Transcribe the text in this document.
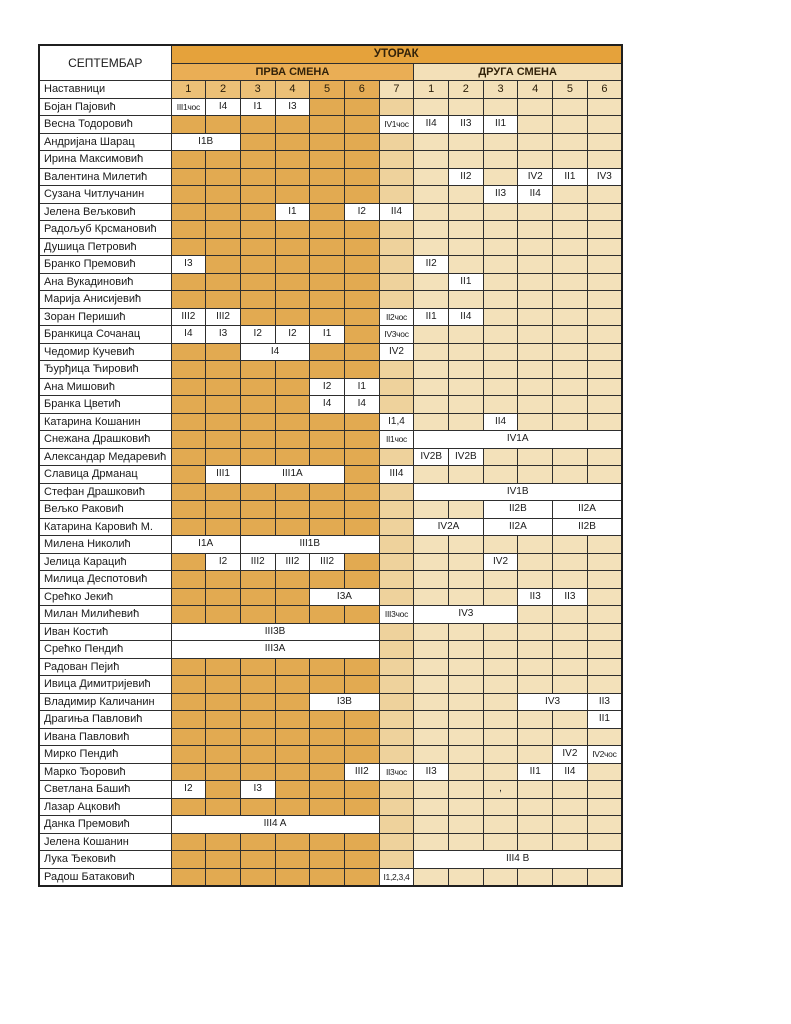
СЕПТЕМБАР	УТОРАК												
	ПРВА СМЕНА							ДРУГА СМЕНА					
Наставници	1	2	3	4	5	6	7	1	2	3	4	5	6
Бојан Пајовић	III1чос	I4	I1	I3									
Весна Тодоровић							IV1чос	II4	II3	II1			
Андријана Шарац	I1B												
Ирина Максимовић													
Валентина Милетић									II2		IV2	II1	IV3
Сузана Читлучанин										II3	II4		
Јелена Вељковић				I1		I2	II4						
Радољуб Крсмановић													
Душица Петровић													
Бранко Премовић	I3							II2					
Ана Вукадиновић									II1				
Марија Анисијевић													
Зоран Перишић	III2	III2					II2чос	II1	II4				
Бранкица Сочанац	I4	I3	I2	I2	I1		IV3чос						
Чедомир Кучевић			I4				IV2						
Ђурђица Ћировић													
Ана Мишовић					I2	I1							
Бранка Цветић					I4	I4							
Катарина Кошанин							I1,4			II4			
Снежана Драшковић							II1чос	IV1A					
Александар Медаревић								IV2B	IV2B				
Славица Дрманац		III1	III1A				III4						
Стефан Драшковић								IV1B					
Вељко Раковић										II2B		II2A	
Катарина Каровић М.								IV2A		II2A		II2B	
Милена Николић	I1A		III1B										
Јелица Карацић		I2	III2	III2	III2					IV2			
Милица Деспотовић													
Срећко Јекић					I3A						II3	II3	
Милан Милићевић							III3чос	IV3					
Иван Костић	III3B												
Срећко Пендић	III3A												
Радован Пејић													
Ивица Димитријевић													
Владимир Каличанин					I3B						IV3		II3
Драгиња Павловић													II1
Ивана Павловић													
Мирко Пендић												IV2	IV2чос
Марко Ђоровић						III2	II3чос	II3			II1	II4	
Светлана Башић	I2		I3							,			
Лазар Ацковић													
Данка Премовић	III4 A												
Јелена Кошанин													
Лука Ђековић								III4 B					
Радош Батаковић							I1,2,3,4						
